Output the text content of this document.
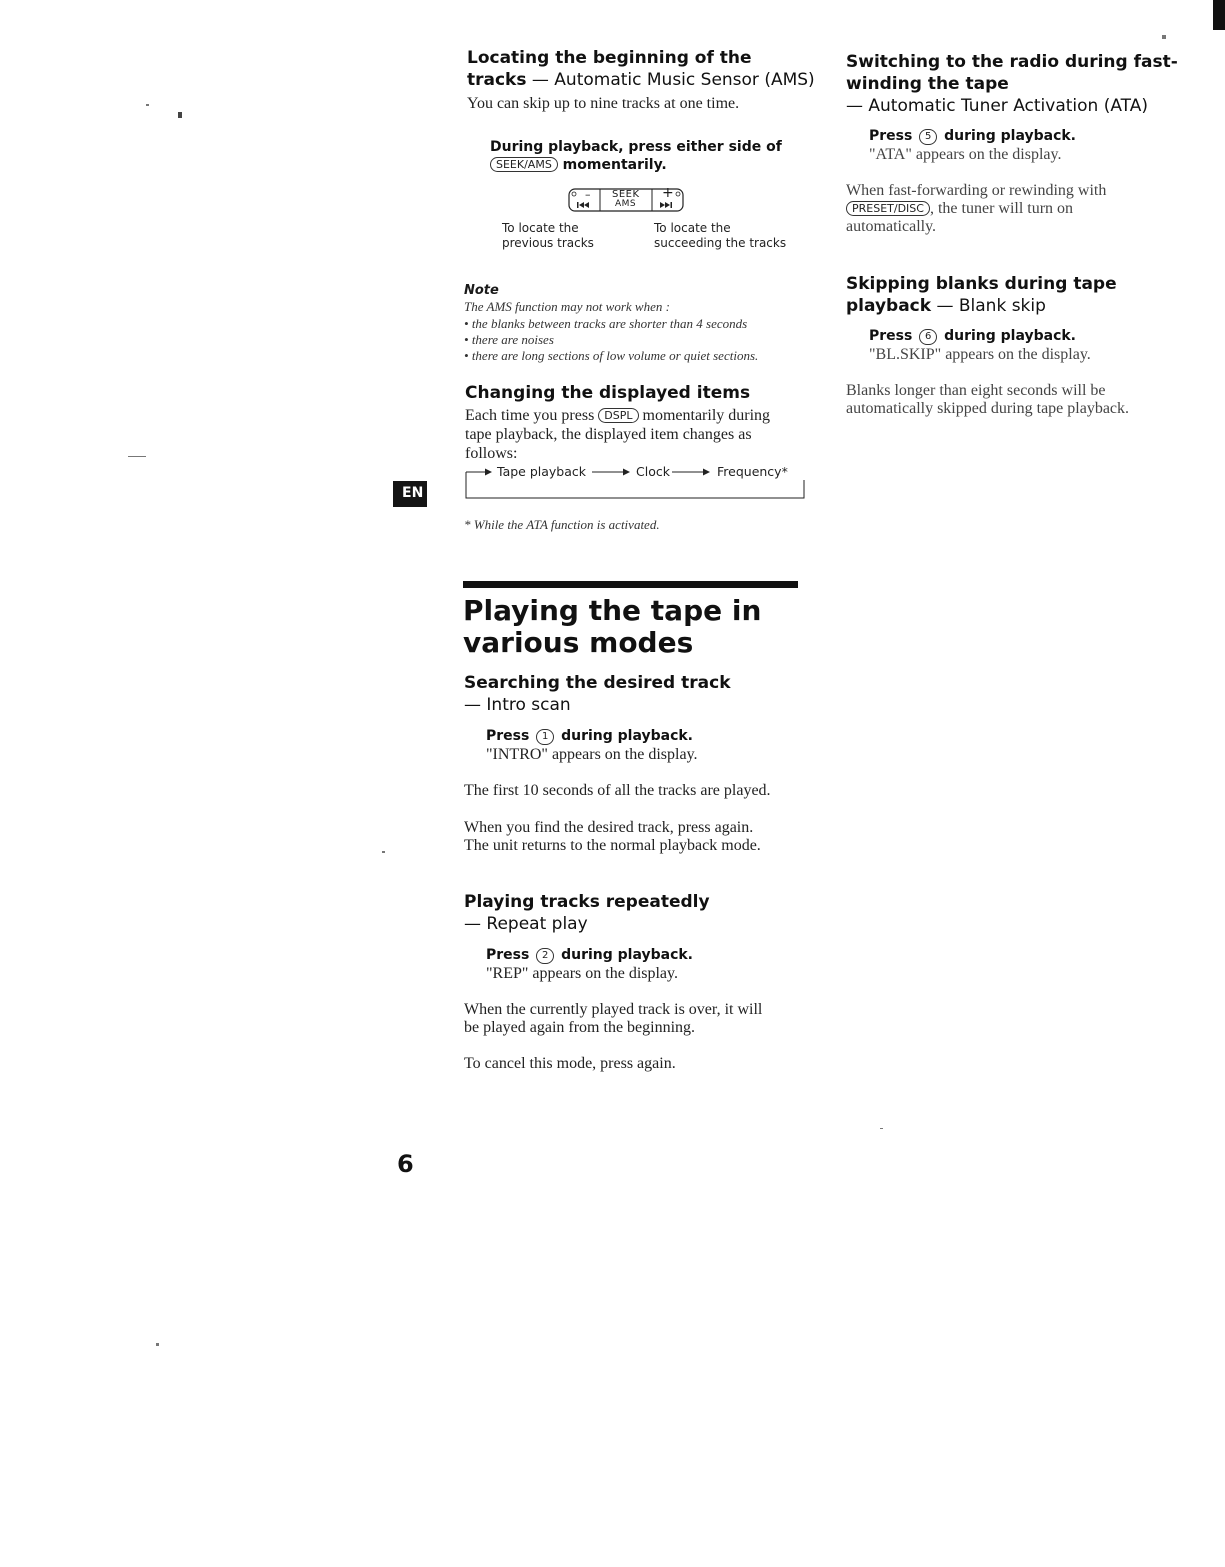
Locating the beginning of the
tracks — Automatic Music Sensor (AMS)
You can skip up to nine tracks at one time.
During playback, press either side of
SEEK/AMS momentarily.
– SEEK
AMS
+
To locate the
previous tracks
To locate the
succeeding the tracks
Note
The AMS function may not work when :
• the blanks between tracks are shorter than 4 seconds
• there are noises
• there are long sections of low volume or quiet sections.
Changing the displayed items
Each time you press DSPL momentarily during tape playback, the displayed item changes as follows:
Tape playback	Clock	Frequency*
* While the ATA function is activated.
EN
Playing the tape in
various modes
Searching the desired track
— Intro scan
Press 1 during playback.
"INTRO" appears on the display.
The first 10 seconds of all the tracks are played.
When you find the desired track, press again.
The unit returns to the normal playback mode.
Playing tracks repeatedly
— Repeat play
Press 2 during playback.
"REP" appears on the display.
When the currently played track is over, it will
be played again from the beginning.
To cancel this mode, press again.
6
Switching to the radio during fast-
winding the tape
— Automatic Tuner Activation (ATA)
Press 5 during playback.
"ATA" appears on the display.
When fast-forwarding or rewinding with
PRESET/DISC , the tuner will turn on
automatically.
Skipping blanks during tape
playback — Blank skip
Press 6 during playback.
"BL.SKIP" appears on the display.
Blanks longer than eight seconds will be
automatically skipped during tape playback.
